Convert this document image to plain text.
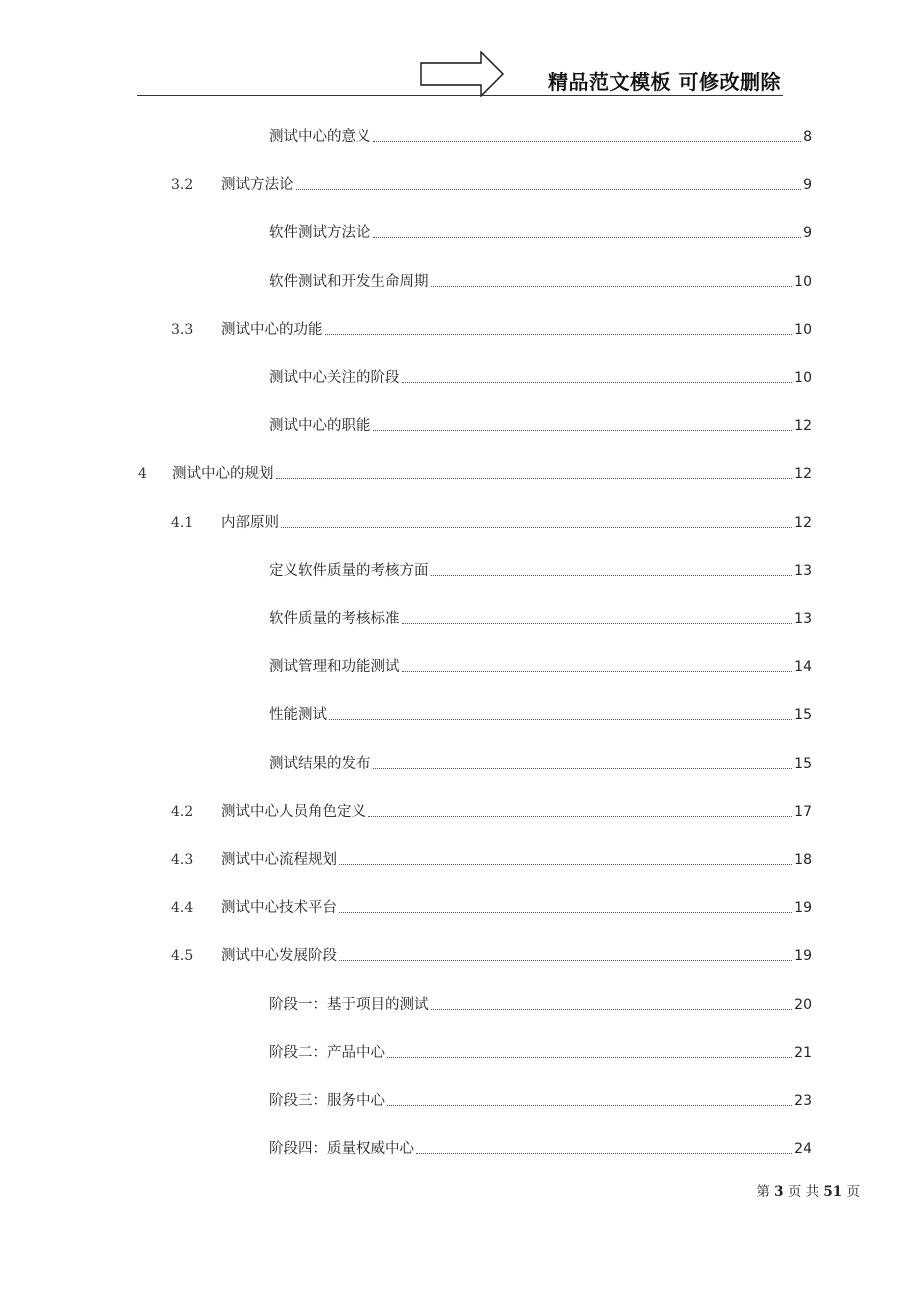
精品范文模板 可修改删除
测试中心的意义	8
3.2 测试方法论	9
软件测试方法论	9
软件测试和开发生命周期	10
3.3 测试中心的功能	10
测试中心关注的阶段	10
测试中心的职能	12
4 测试中心的规划	12
4.1 内部原则	12
定义软件质量的考核方面	13
软件质量的考核标准	13
测试管理和功能测试	14
性能测试	15
测试结果的发布	15
4.2 测试中心人员角色定义	17
4.3 测试中心流程规划	18
4.4 测试中心技术平台	19
4.5 测试中心发展阶段	19
阶段一：基于项目的测试	20
阶段二：产品中心	21
阶段三：服务中心	23
阶段四：质量权威中心	24
第 3 页 共 51 页
